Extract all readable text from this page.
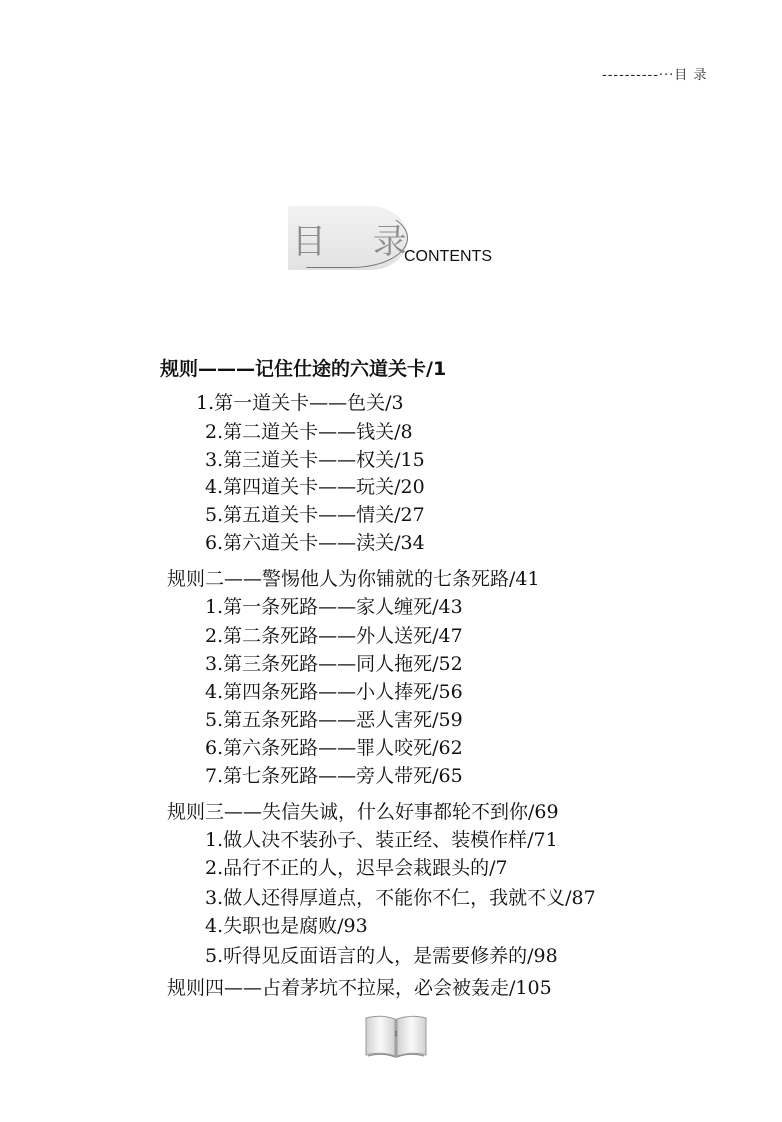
----------···目 录
目 录
CONTENTS
规则———记住仕途的六道关卡/1
1.第一道关卡——色关/3
2.第二道关卡——钱关/8
3.第三道关卡——权关/15
4.第四道关卡——玩关/20
5.第五道关卡——情关/27
6.第六道关卡——渎关/34
规则二——警惕他人为你铺就的七条死路/41
1.第一条死路——家人缠死/43
2.第二条死路——外人送死/47
3.第三条死路——同人拖死/52
4.第四条死路——小人捧死/56
5.第五条死路——恶人害死/59
6.第六条死路——罪人咬死/62
7.第七条死路——旁人带死/65
规则三——失信失诚，什么好事都轮不到你/69
1.做人决不装孙子、装正经、装模作样/71
2.品行不正的人，迟早会栽跟头的/7
3.做人还得厚道点，不能你不仁，我就不义/87
4.失职也是腐败/93
5.听得见反面语言的人，是需要修养的/98
规则四——占着茅坑不拉屎，必会被轰走/105
1
